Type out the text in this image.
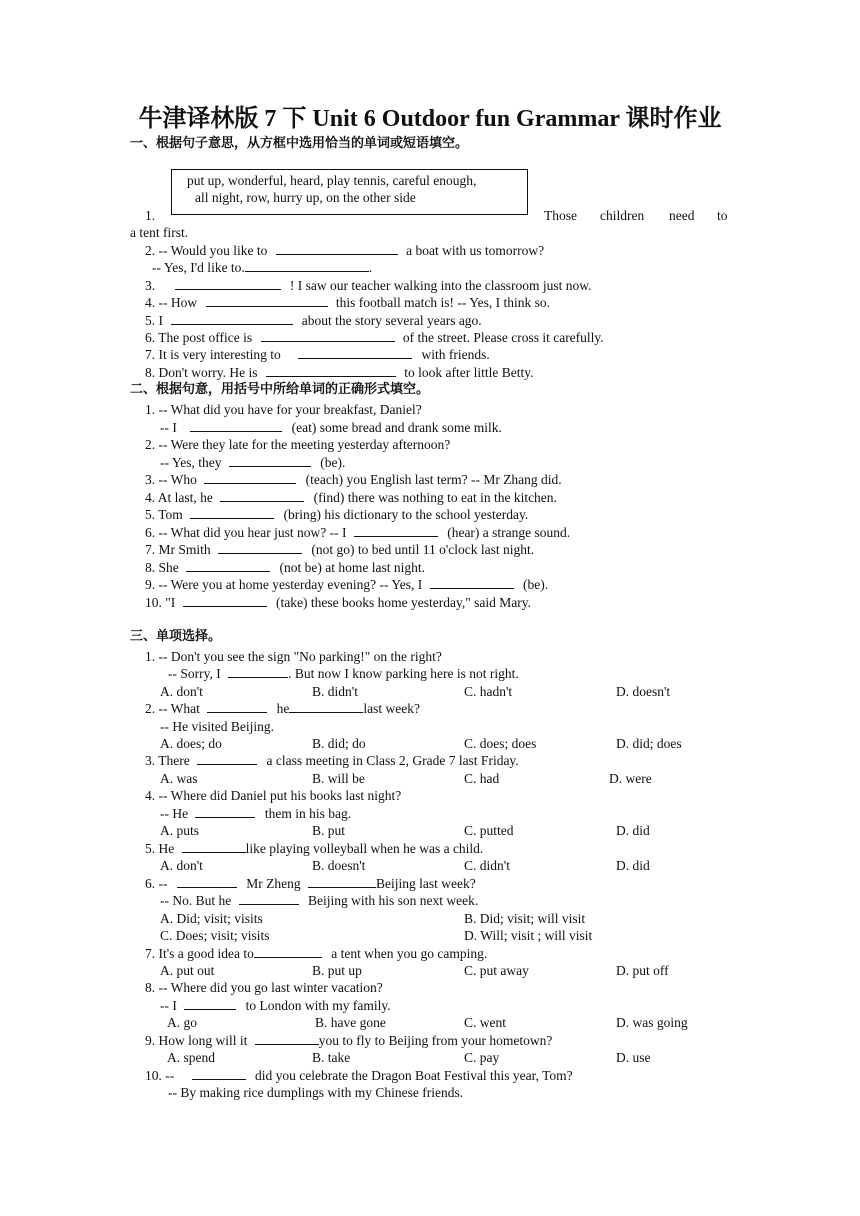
牛津译林版 7 下 Unit 6 Outdoor fun Grammar 课时作业

一、根据句子意思，从方框中选用恰当的单词或短语填空。

put up, wonderful, heard, play tennis, careful enough,
all night, row, hurry up, on the other side
1.	Those children need to
a tent first.
2. -- Would you like to	a boat with us tomorrow?
-- Yes, I'd like to.	.
3.	! I saw our teacher walking into the classroom just now.
4. -- How	this football match is! -- Yes, I think so.
5. I	about the story several years ago.
6. The post office is	of the street. Please cross it carefully.
7. It is very interesting to	with friends.
8. Don't worry. He is	to look after little Betty.

二、根据句意，用括号中所给单词的正确形式填空。

1. -- What did you have for your breakfast, Daniel?
-- I	(eat) some bread and drank some milk.
2. -- Were they late for the meeting yesterday afternoon?
-- Yes, they	(be).
3. -- Who	(teach) you English last term? -- Mr Zhang did.
4. At last, he	(find) there was nothing to eat in the kitchen.
5. Tom	(bring) his dictionary to the school yesterday.
6. -- What did you hear just now? -- I	(hear) a strange sound.
7. Mr Smith	(not go) to bed until 11 o'clock last night.
8. She	(not be) at home last night.
9. -- Were you at home yesterday evening? -- Yes, I	(be).
10. "I	(take) these books home yesterday," said Mary.

三、单项选择。

1. -- Don't you see the sign "No parking!" on the right?
-- Sorry, I	. But now I know parking here is not right.
A. don't	B. didn't	C. hadn't	D. doesn't
2. -- What	he	last week?
-- He visited Beijing.
A. does; do	B. did; do	C. does; does	D. did; does
3. There	a class meeting in Class 2, Grade 7 last Friday.
A. was	B. will be	C. had	D. were
4. -- Where did Daniel put his books last night?
-- He	them in his bag.
A. puts	B. put	C. putted	D. did
5. He	like playing volleyball when he was a child.
A. don't	B. doesn't	C. didn't	D. did
6. --	Mr Zheng	Beijing last week?
-- No. But he	Beijing with his son next week.
A. Did; visit; visits	B. Did; visit; will visit
C. Does; visit; visits	D. Will; visit ; will visit
7. It's a good idea to	a tent when you go camping.
A. put out	B. put up	C. put away	D. put off
8. -- Where did you go last winter vacation?
-- I	to London with my family.
A. go	B. have gone	C. went	D. was going
9. How long will it	you to fly to Beijing from your hometown?
A. spend	B. take	C. pay	D. use
10. --	did you celebrate the Dragon Boat Festival this year, Tom?
-- By making rice dumplings with my Chinese friends.
